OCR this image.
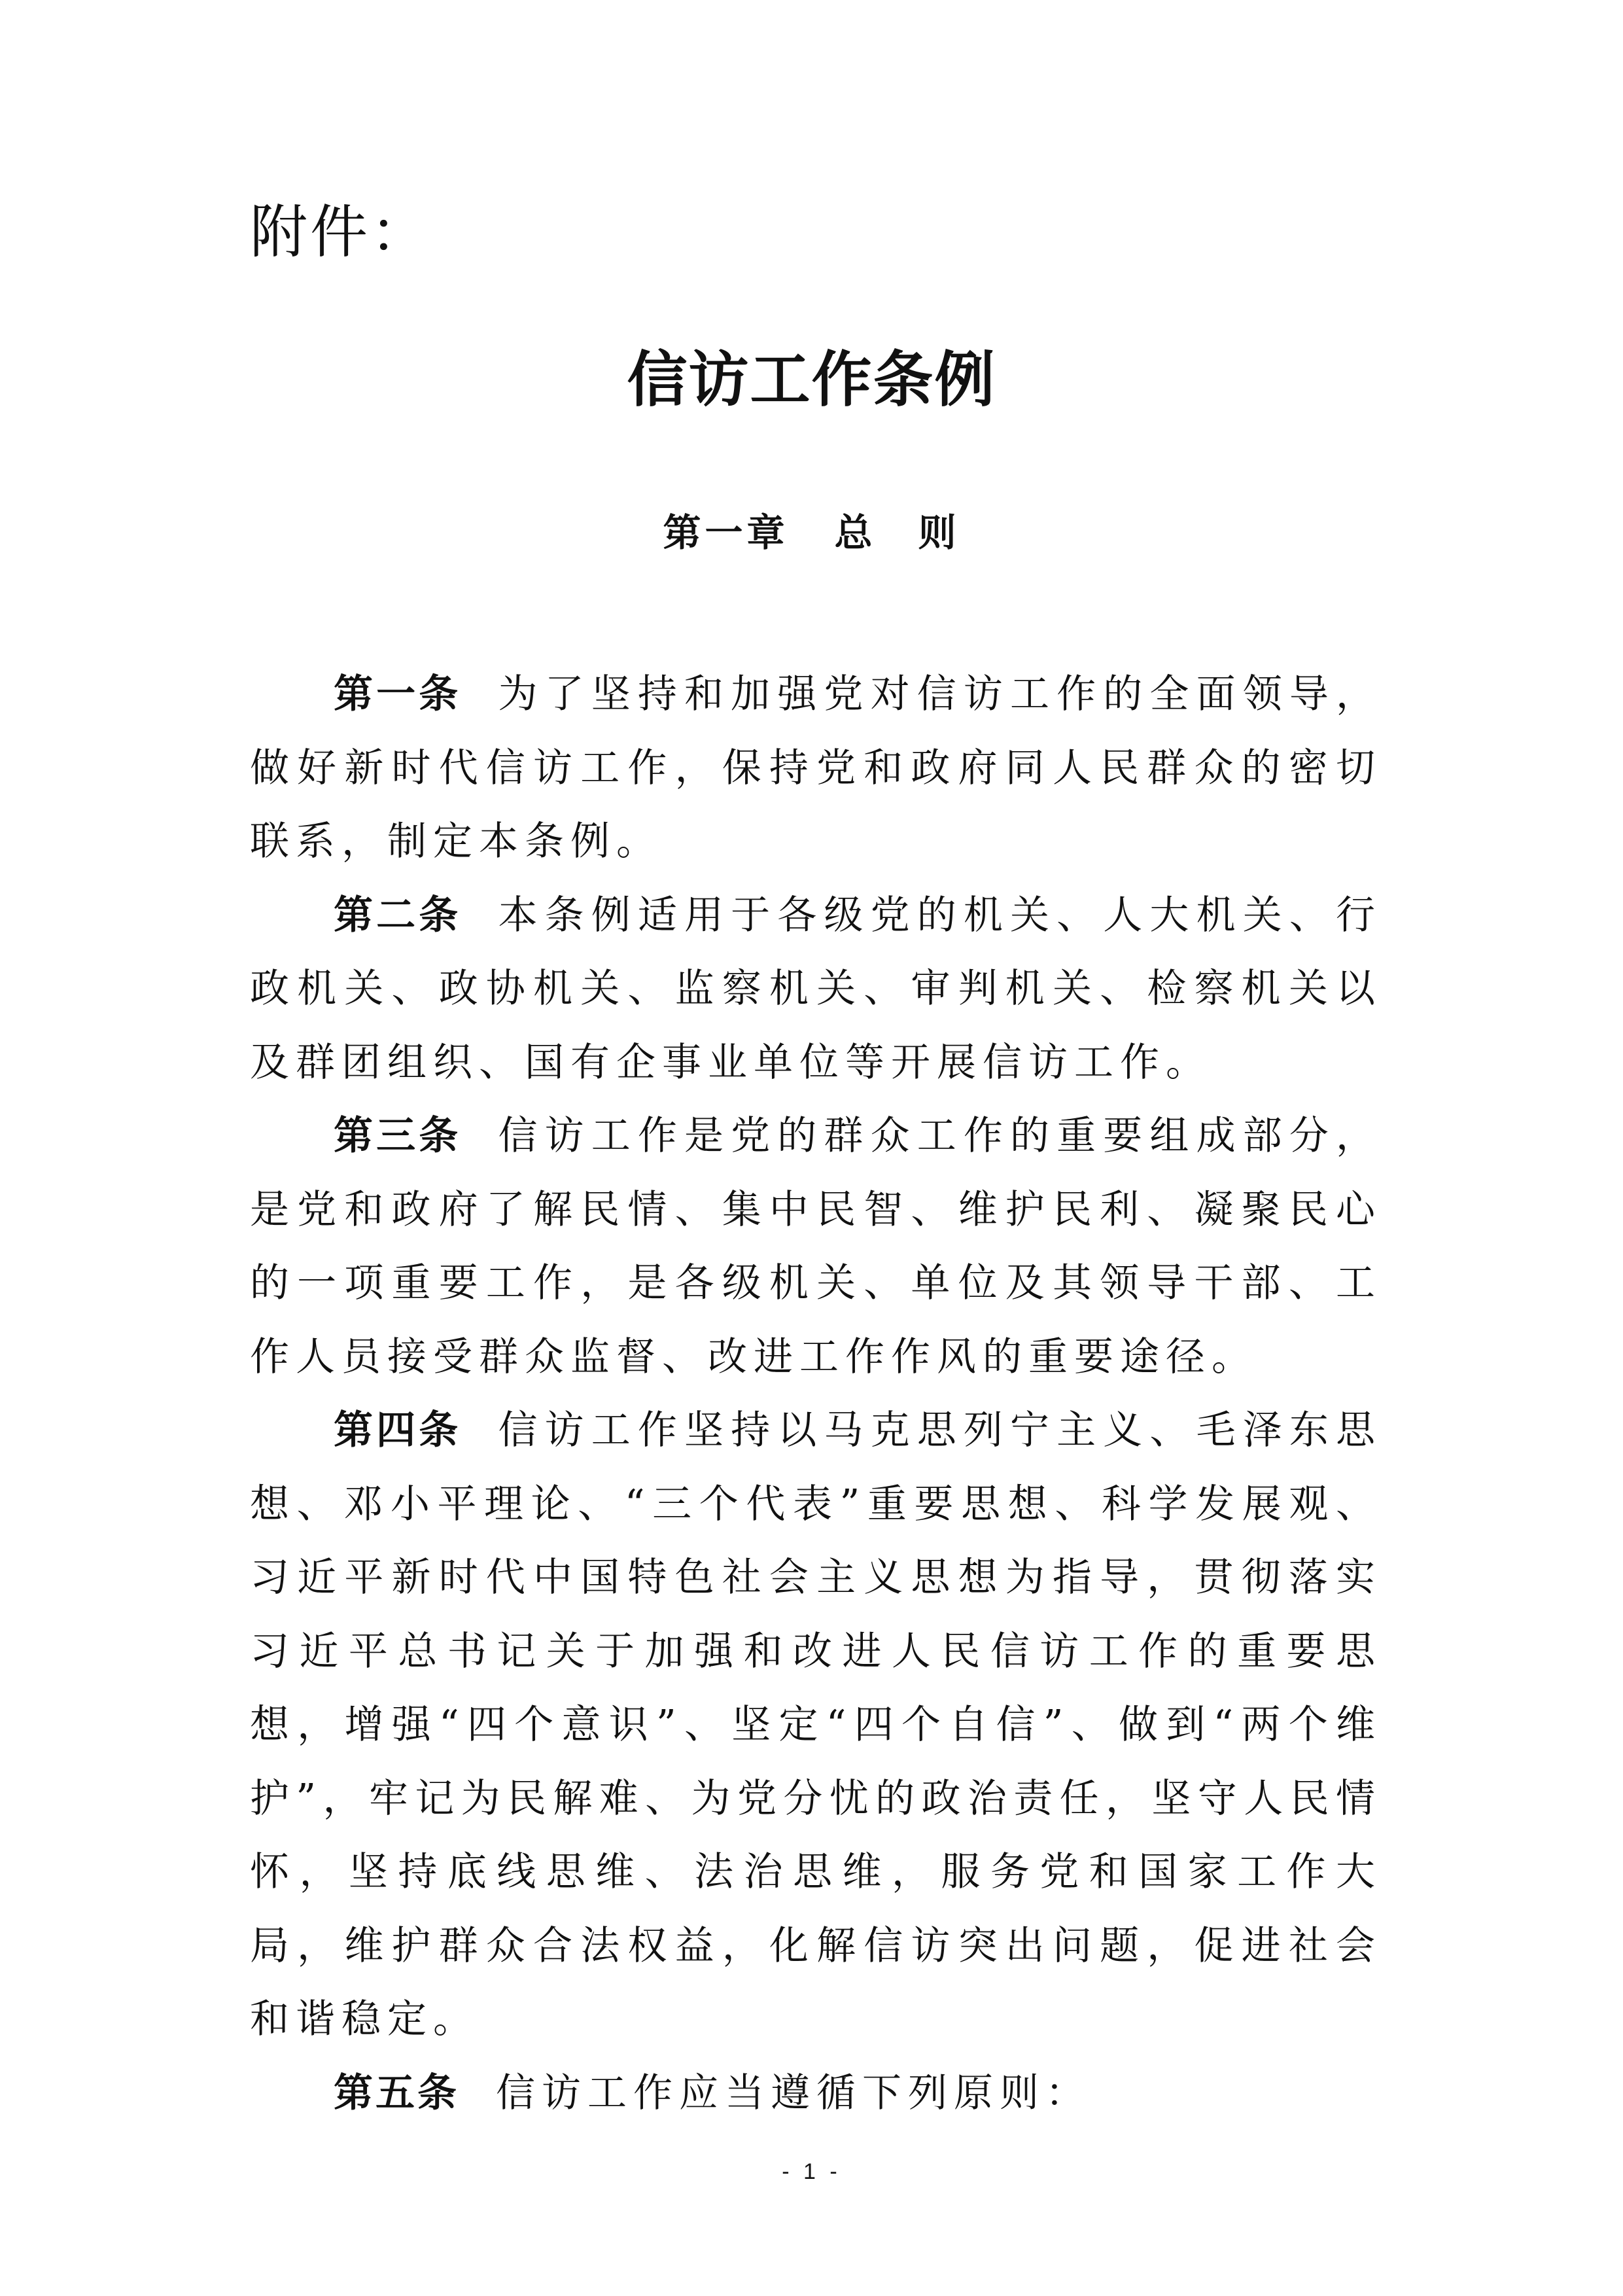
附件：
信访工作条例
第一章 总　则

第一条 为了坚持和加强党对信访工作的全面领导，做好新时代信访工作，保持党和政府同人民群众的密切联系，制定本条例。

第二条 本条例适用于各级党的机关、人大机关、行政机关、政协机关、监察机关、审判机关、检察机关以及群团组织、国有企事业单位等开展信访工作。

第三条 信访工作是党的群众工作的重要组成部分，是党和政府了解民情、集中民智、维护民利、凝聚民心的一项重要工作，是各级机关、单位及其领导干部、工作人员接受群众监督、改进工作作风的重要途径。

第四条 信访工作坚持以马克思列宁主义、毛泽东思想、邓小平理论、“三个代表”重要思想、科学发展观、习近平新时代中国特色社会主义思想为指导，贯彻落实习近平总书记关于加强和改进人民信访工作的重要思想，增强“四个意识”、坚定“四个自信”、做到“两个维护”，牢记为民解难、为党分忧的政治责任，坚守人民情怀，坚持底线思维、法治思维，服务党和国家工作大局，维护群众合法权益，化解信访突出问题，促进社会和谐稳定。

第五条 信访工作应当遵循下列原则：

- 1 -
